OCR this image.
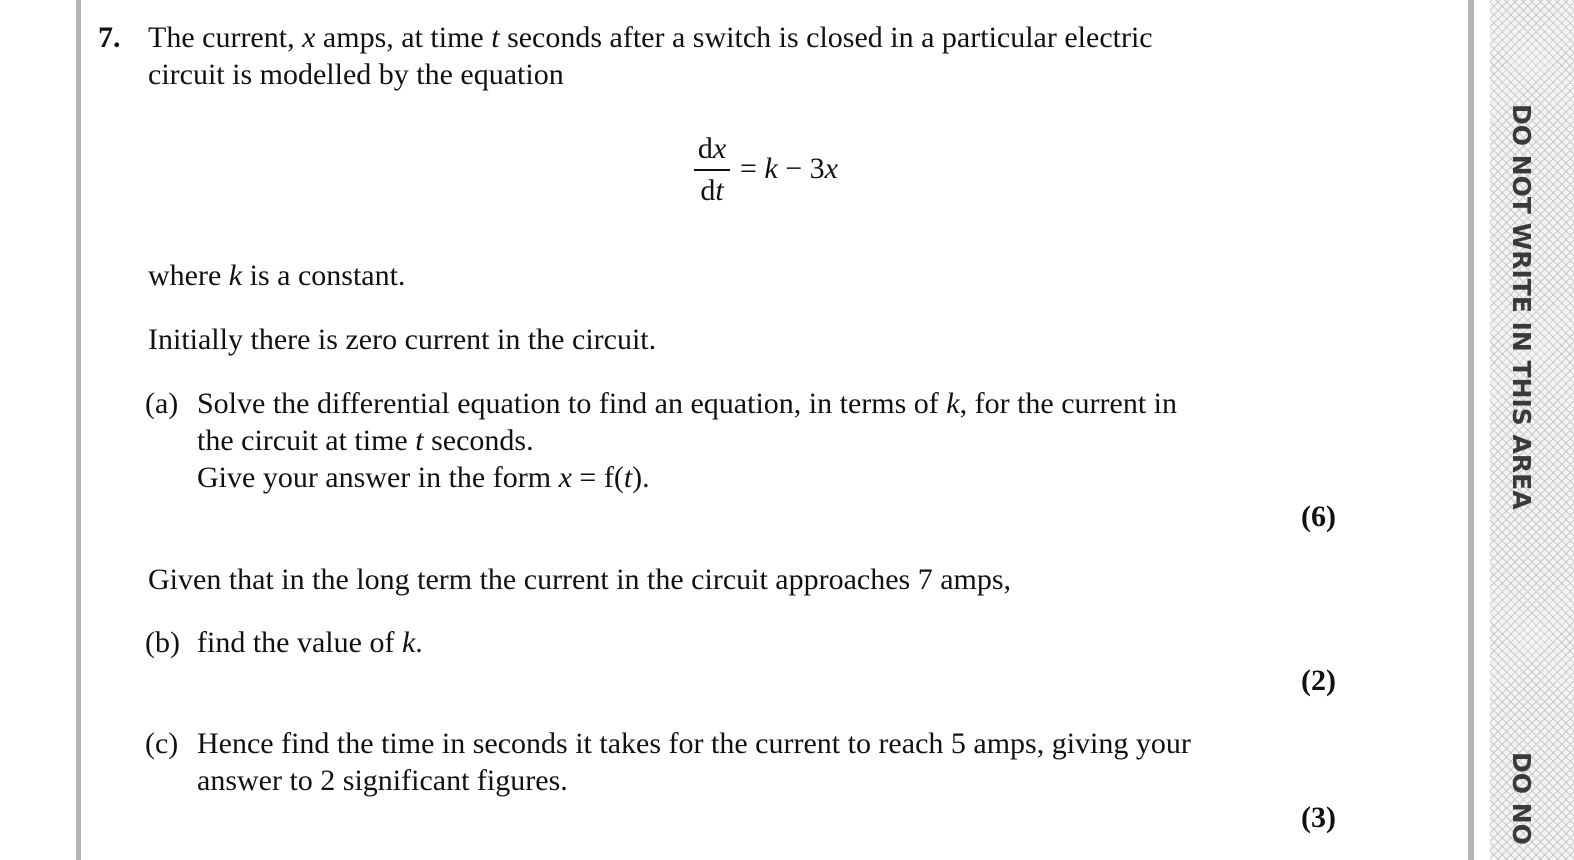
DO NOT WRITE IN THIS AREA
DO NO
7. The current, x amps, at time t seconds after a switch is closed in a particular electric
circuit is modelled by the equation
dx
dt
= k − 3x
where k is a constant.
Initially there is zero current in the circuit.
(a) Solve the differential equation to find an equation, in terms of k, for the current in
the circuit at time t seconds.
Give your answer in the form x = f(t).
(6)
Given that in the long term the current in the circuit approaches 7 amps,
(b) find the value of k.
(2)
(c) Hence find the time in seconds it takes for the current to reach 5 amps, giving your
answer to 2 significant figures.
(3)
